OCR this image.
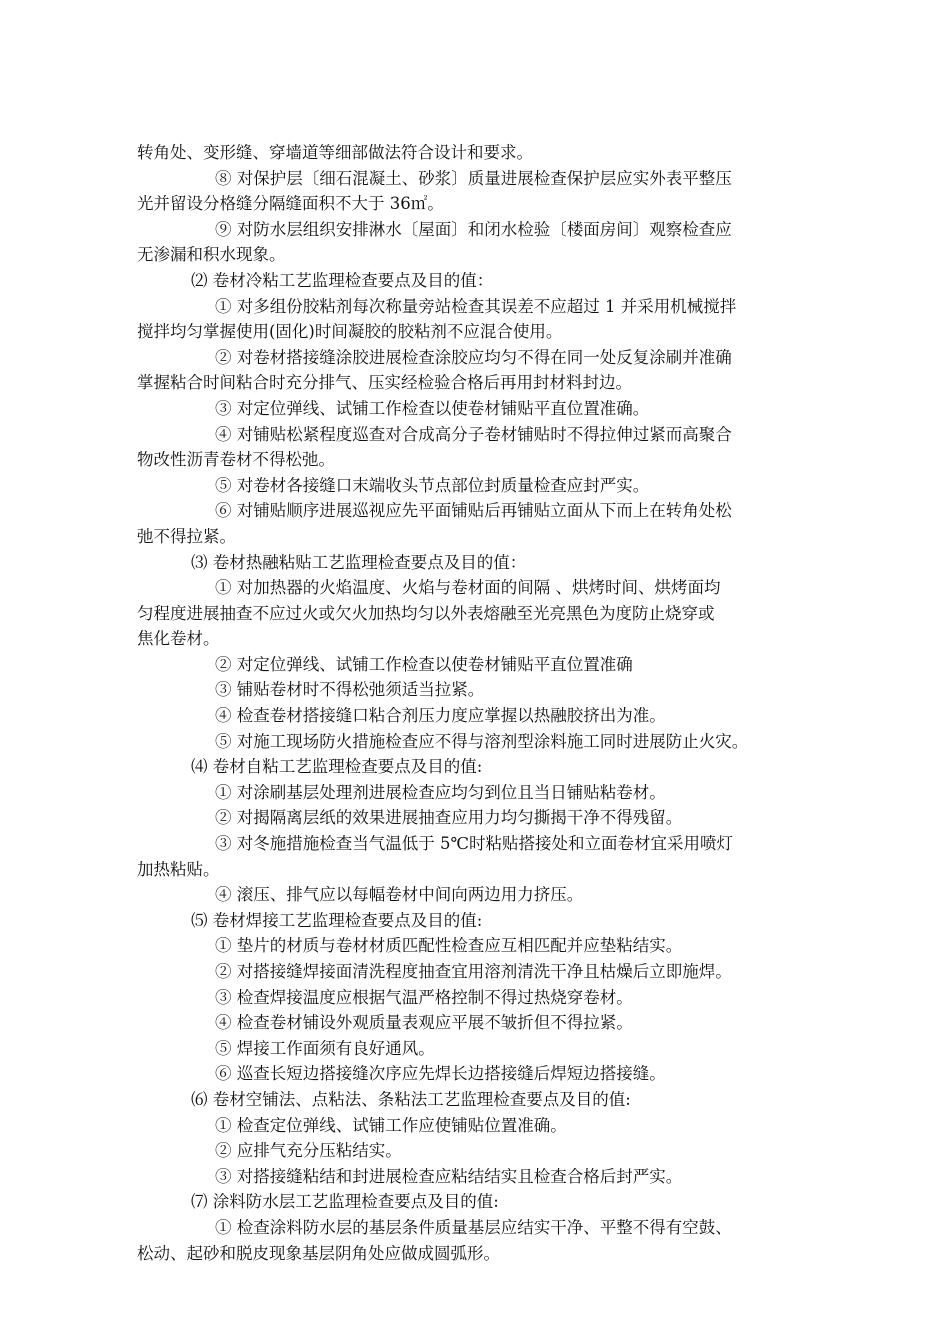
转角处、变形缝、穿墙道等细部做法符合设计和要求。
⑧ 对保护层〔细石混凝土、砂浆〕质量进展检查保护层应实外表平整压
光并留设分格缝分隔缝面积不大于 36㎡。
⑨ 对防水层组织安排淋水〔屋面〕和闭水检验〔楼面房间〕观察检查应
无渗漏和积水现象。
⑵ 卷材冷粘工艺监理检查要点及目的值：
① 对多组份胶粘剂每次称量旁站检查其误差不应超过 1 并采用机械搅拌
搅拌均匀掌握使用(固化)时间凝胶的胶粘剂不应混合使用。
② 对卷材搭接缝涂胶进展检查涂胶应均匀不得在同一处反复涂刷并准确
掌握粘合时间粘合时充分排气、压实经检验合格后再用封材料封边。
③ 对定位弹线、试铺工作检查以使卷材铺贴平直位置准确。
④ 对铺贴松紧程度巡查对合成高分子卷材铺贴时不得拉伸过紧而高聚合
物改性沥青卷材不得松弛。
⑤ 对卷材各接缝口末端收头节点部位封质量检查应封严实。
⑥ 对铺贴顺序进展巡视应先平面铺贴后再铺贴立面从下而上在转角处松
弛不得拉紧。
⑶ 卷材热融粘贴工艺监理检查要点及目的值：
① 对加热器的火焰温度、火焰与卷材面的间隔 、烘烤时间、烘烤面均
匀程度进展抽查不应过火或欠火加热均匀以外表熔融至光亮黑色为度防止烧穿或
焦化卷材。
② 对定位弹线、试铺工作检查以使卷材铺贴平直位置准确
③ 铺贴卷材时不得松弛须适当拉紧。
④ 检查卷材搭接缝口粘合剂压力度应掌握以热融胶挤出为准。
⑤ 对施工现场防火措施检查应不得与溶剂型涂料施工同时进展防止火灾。
⑷ 卷材自粘工艺监理检查要点及目的值:
① 对涂刷基层处理剂进展检查应均匀到位且当日铺贴粘卷材。
② 对揭隔离层纸的效果进展抽查应用力均匀撕揭干净不得残留。
③ 对冬施措施检查当气温低于 5℃时粘贴搭接处和立面卷材宜采用喷灯
加热粘贴。
④ 滚压、排气应以每幅卷材中间向两边用力挤压。
⑸ 卷材焊接工艺监理检查要点及目的值:
① 垫片的材质与卷材材质匹配性检查应互相匹配并应垫粘结实。
② 对搭接缝焊接面清洗程度抽查宜用溶剂清洗干净且枯燥后立即施焊。
③ 检查焊接温度应根据气温严格控制不得过热烧穿卷材。
④ 检查卷材铺设外观质量表观应平展不皱折但不得拉紧。
⑤ 焊接工作面须有良好通风。
⑥ 巡查长短边搭接缝次序应先焊长边搭接缝后焊短边搭接缝。
⑹ 卷材空铺法、点粘法、条粘法工艺监理检查要点及目的值:
① 检查定位弹线、试铺工作应使铺贴位置准确。
② 应排气充分压粘结实。
③ 对搭接缝粘结和封进展检查应粘结结实且检查合格后封严实。
⑺ 涂料防水层工艺监理检查要点及目的值:
① 检查涂料防水层的基层条件质量基层应结实干净、平整不得有空鼓、
松动、起砂和脱皮现象基层阴角处应做成圆弧形。
